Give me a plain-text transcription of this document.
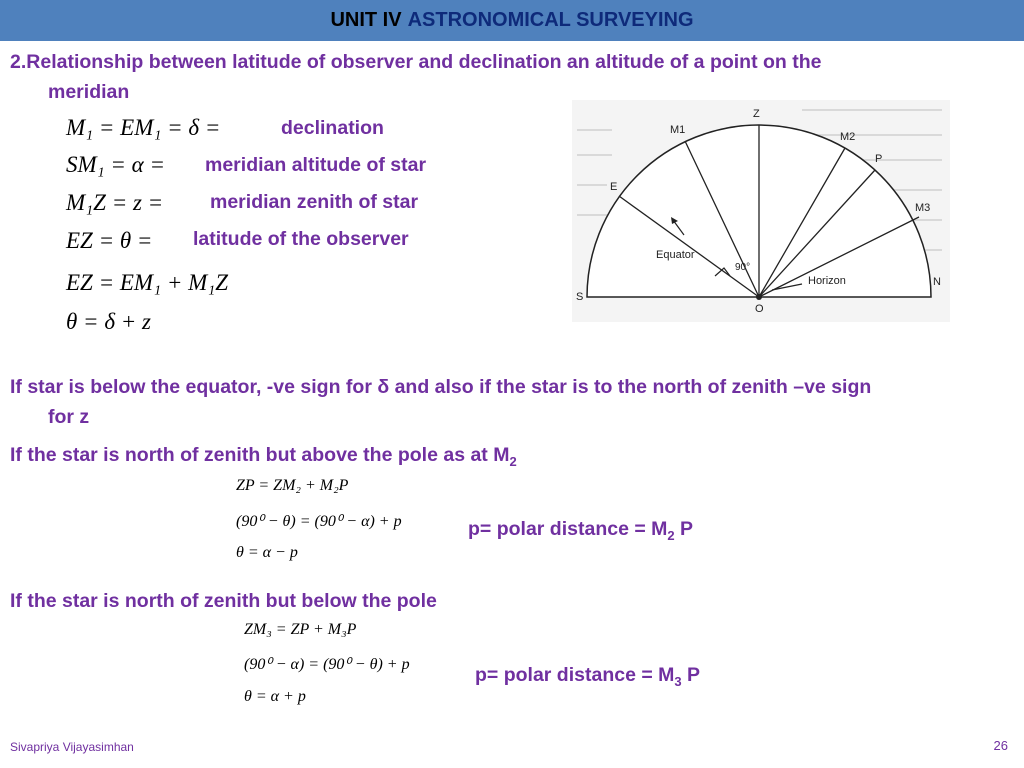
UNIT IV ASTRONOMICAL SURVEYING
2.Relationship between latitude of observer and declination an altitude of a point on the
meridian
M₁ = EM₁ = δ =	declination
SM₁ = α = meridian altitude of star
M₁Z = z = meridian zenith of star
EZ = θ = latitude of the observer
EZ = EM₁ + M₁Z
θ = δ + z
Z
M1
M2
P
M3
E
S
N
O
Equator
Horizon
90°
If star is below the equator, -ve sign for δ and also if the star is to the north of zenith –ve sign
for z
If the star is north of zenith but above the pole as at $M_2$
ZP = ZM₂ + M₂P
(90⁰ − θ) = (90⁰ − α) + p
θ = α − p
p= polar distance = $M_2$ P
If the star is north of zenith but below the pole
ZM₃ = ZP + M₃P
(90⁰ − α) = (90⁰ − θ) + p
θ = α + p
p= polar distance = $M_3$ P
Sivapriya Vijayasimhan	26
